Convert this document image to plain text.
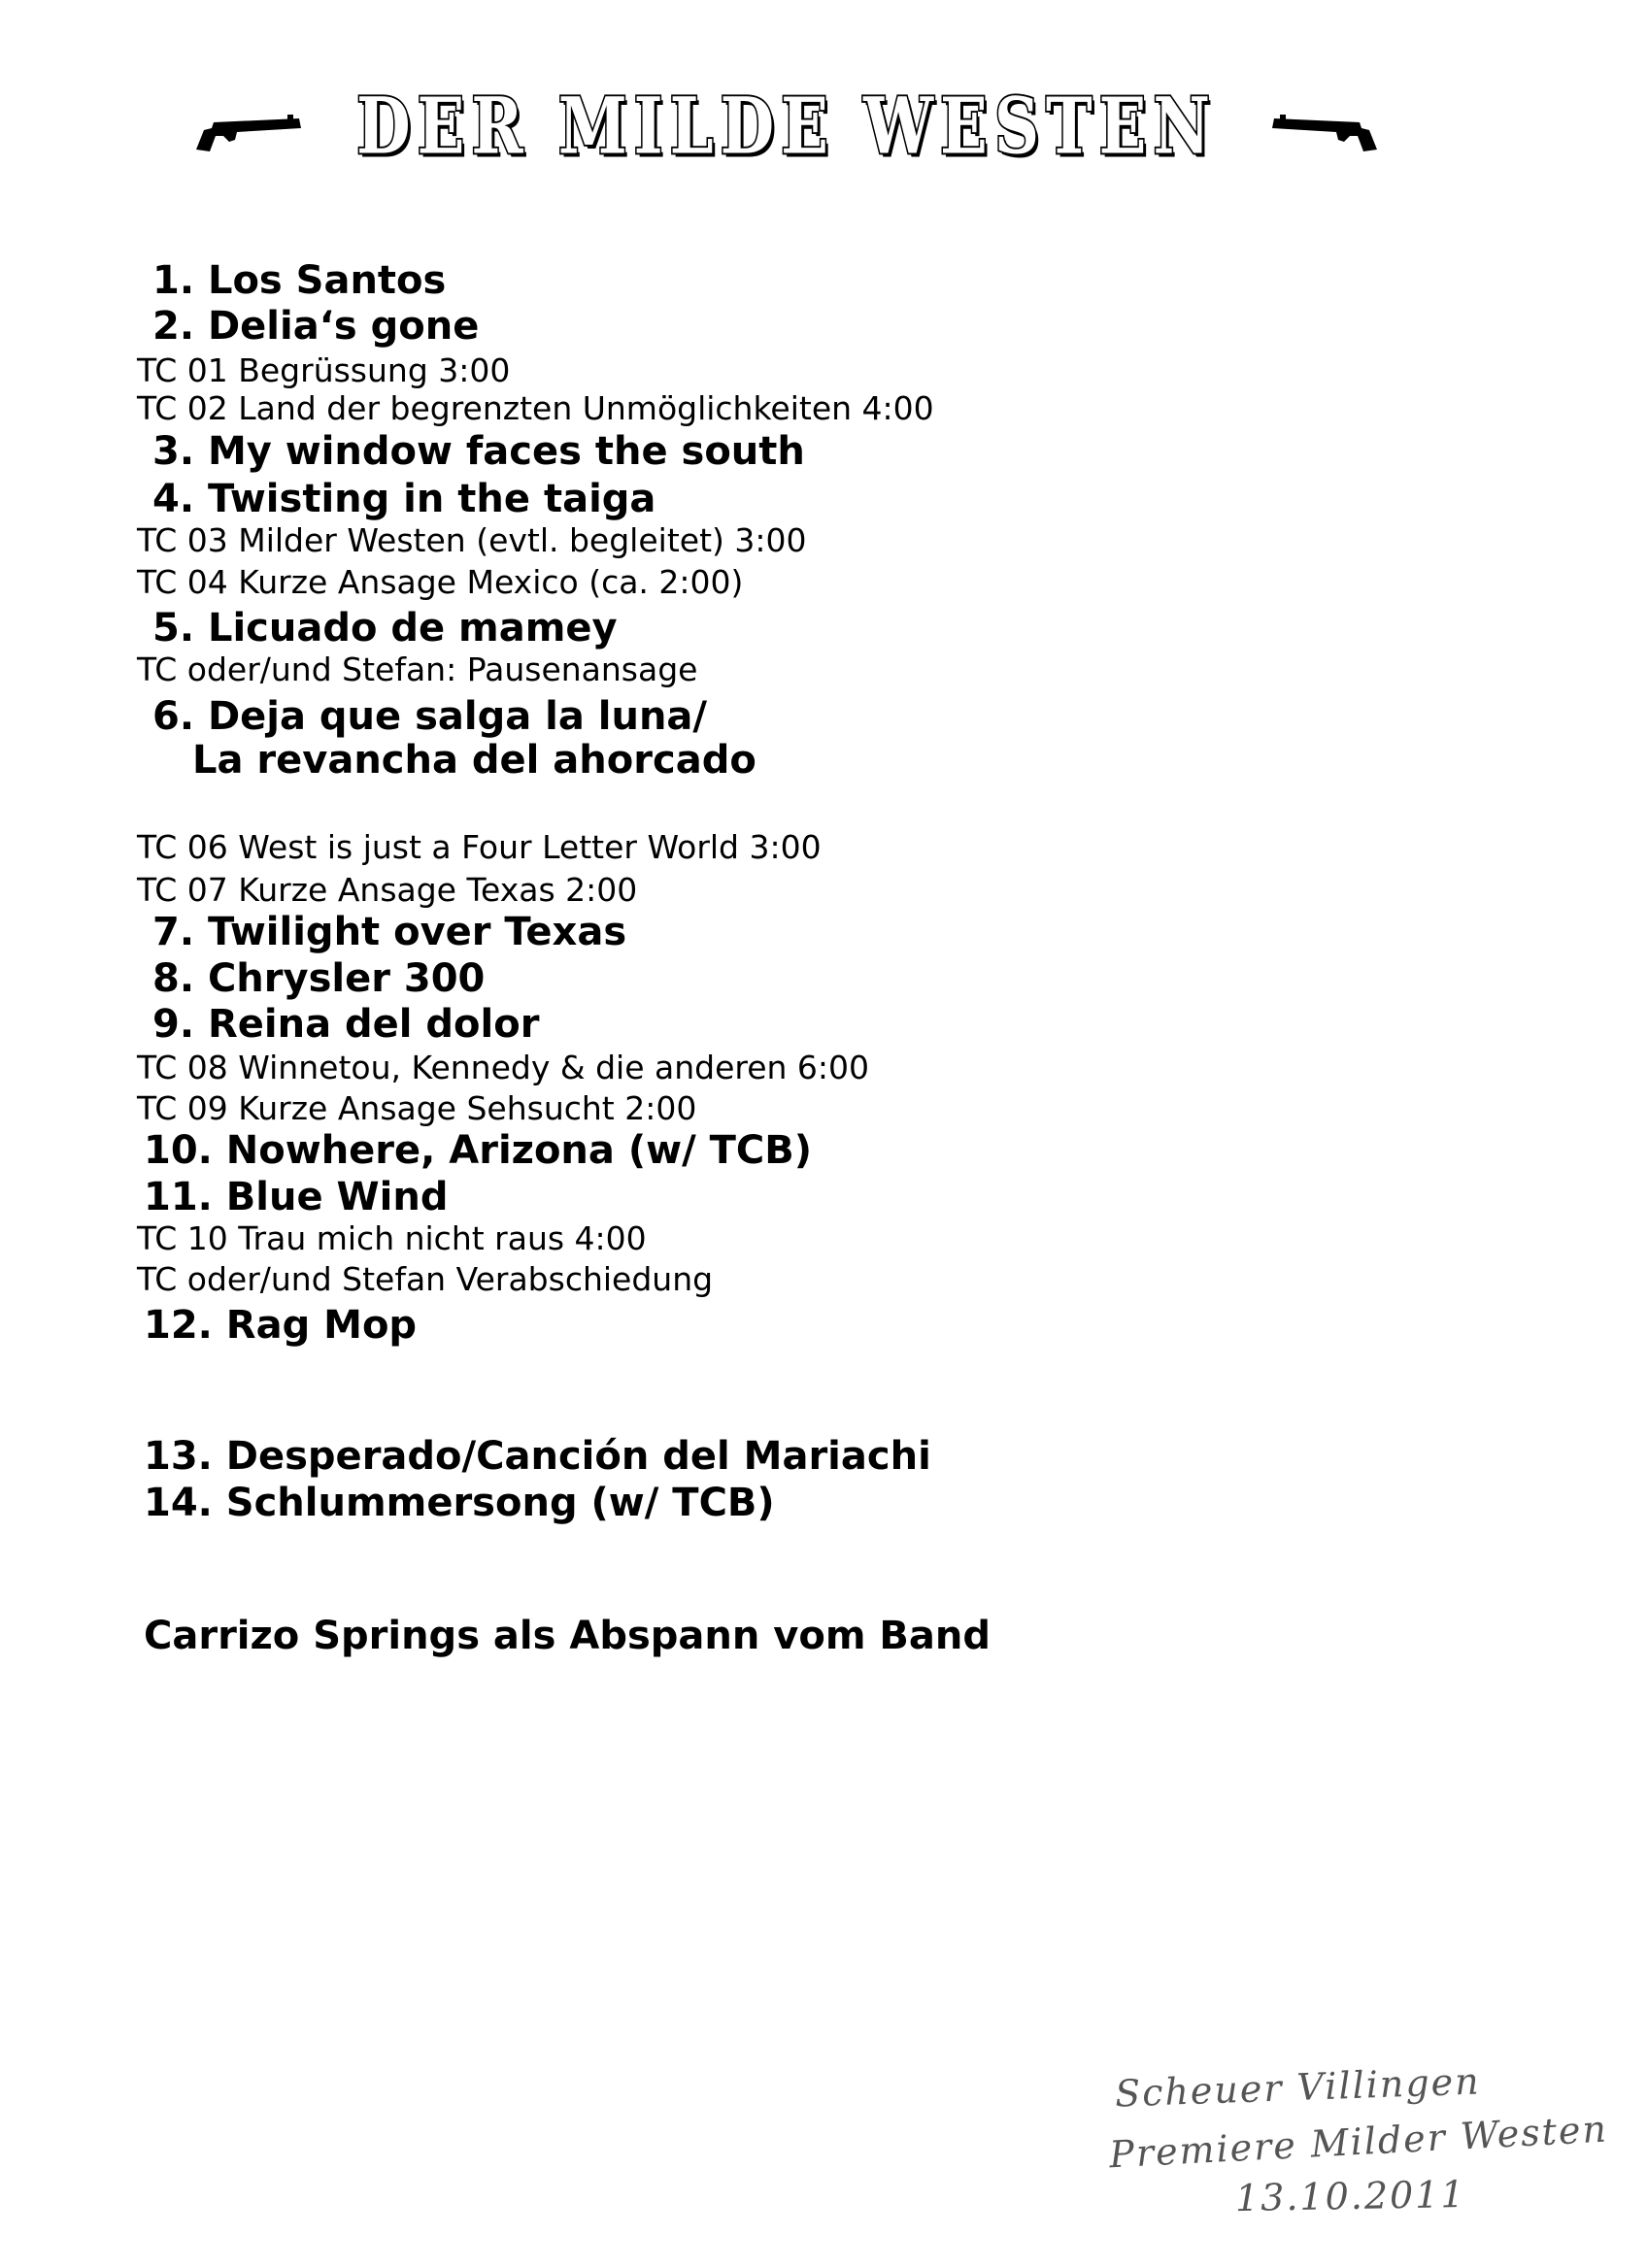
DER MILDE WESTEN
1. Los Santos
2. Delia‘s gone
TC 01 Begrüssung 3:00
TC 02 Land der begrenzten Unmöglichkeiten 4:00
3. My window faces the south
4. Twisting in the taiga
TC 03 Milder Westen (evtl. begleitet) 3:00
TC 04 Kurze Ansage Mexico (ca. 2:00)
5. Licuado de mamey
TC oder/und Stefan: Pausenansage
6. Deja que salga la luna/
La revancha del ahorcado
TC 06 West is just a Four Letter World 3:00
TC 07 Kurze Ansage Texas 2:00
7. Twilight over Texas
8. Chrysler 300
9. Reina del dolor
TC 08 Winnetou, Kennedy & die anderen 6:00
TC 09 Kurze Ansage Sehsucht 2:00
10. Nowhere, Arizona (w/ TCB)
11. Blue Wind
TC 10 Trau mich nicht raus 4:00
TC oder/und Stefan Verabschiedung
12. Rag Mop
13. Desperado/Canción del Mariachi
14. Schlummersong (w/ TCB)
Carrizo Springs als Abspann vom Band
Scheuer Villingen
Premiere Milder Westen
13.10.2011
